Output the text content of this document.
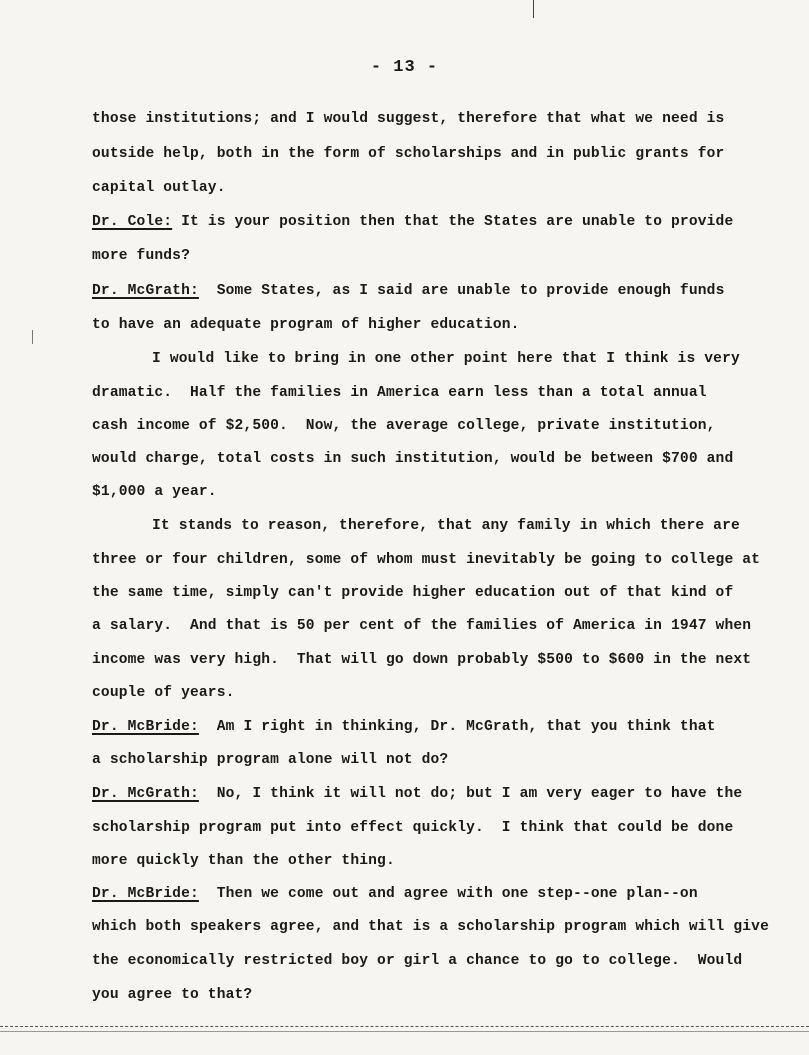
- 13 -
those institutions; and I would suggest, therefore that what we need is
outside help, both in the form of scholarships and in public grants for
capital outlay.
Dr. Cole: It is your position then that the States are unable to provide
more funds?
Dr. McGrath: Some States, as I said are unable to provide enough funds
to have an adequate program of higher education.
I would like to bring in one other point here that I think is very
dramatic.  Half the families in America earn less than a total annual
cash income of $2,500.  Now, the average college, private institution,
would charge, total costs in such institution, would be between $700 and
$1,000 a year.
It stands to reason, therefore, that any family in which there are
three or four children, some of whom must inevitably be going to college at
the same time, simply can't provide higher education out of that kind of
a salary.  And that is 50 per cent of the families of America in 1947 when
income was very high.  That will go down probably $500 to $600 in the next
couple of years.
Dr. McBride: Am I right in thinking, Dr. McGrath, that you think that
a scholarship program alone will not do?
Dr. McGrath: No, I think it will not do; but I am very eager to have the
scholarship program put into effect quickly.  I think that could be done
more quickly than the other thing.
Dr. McBride: Then we come out and agree with one step--one plan--on
which both speakers agree, and that is a scholarship program which will give
the economically restricted boy or girl a chance to go to college.  Would
you agree to that?
